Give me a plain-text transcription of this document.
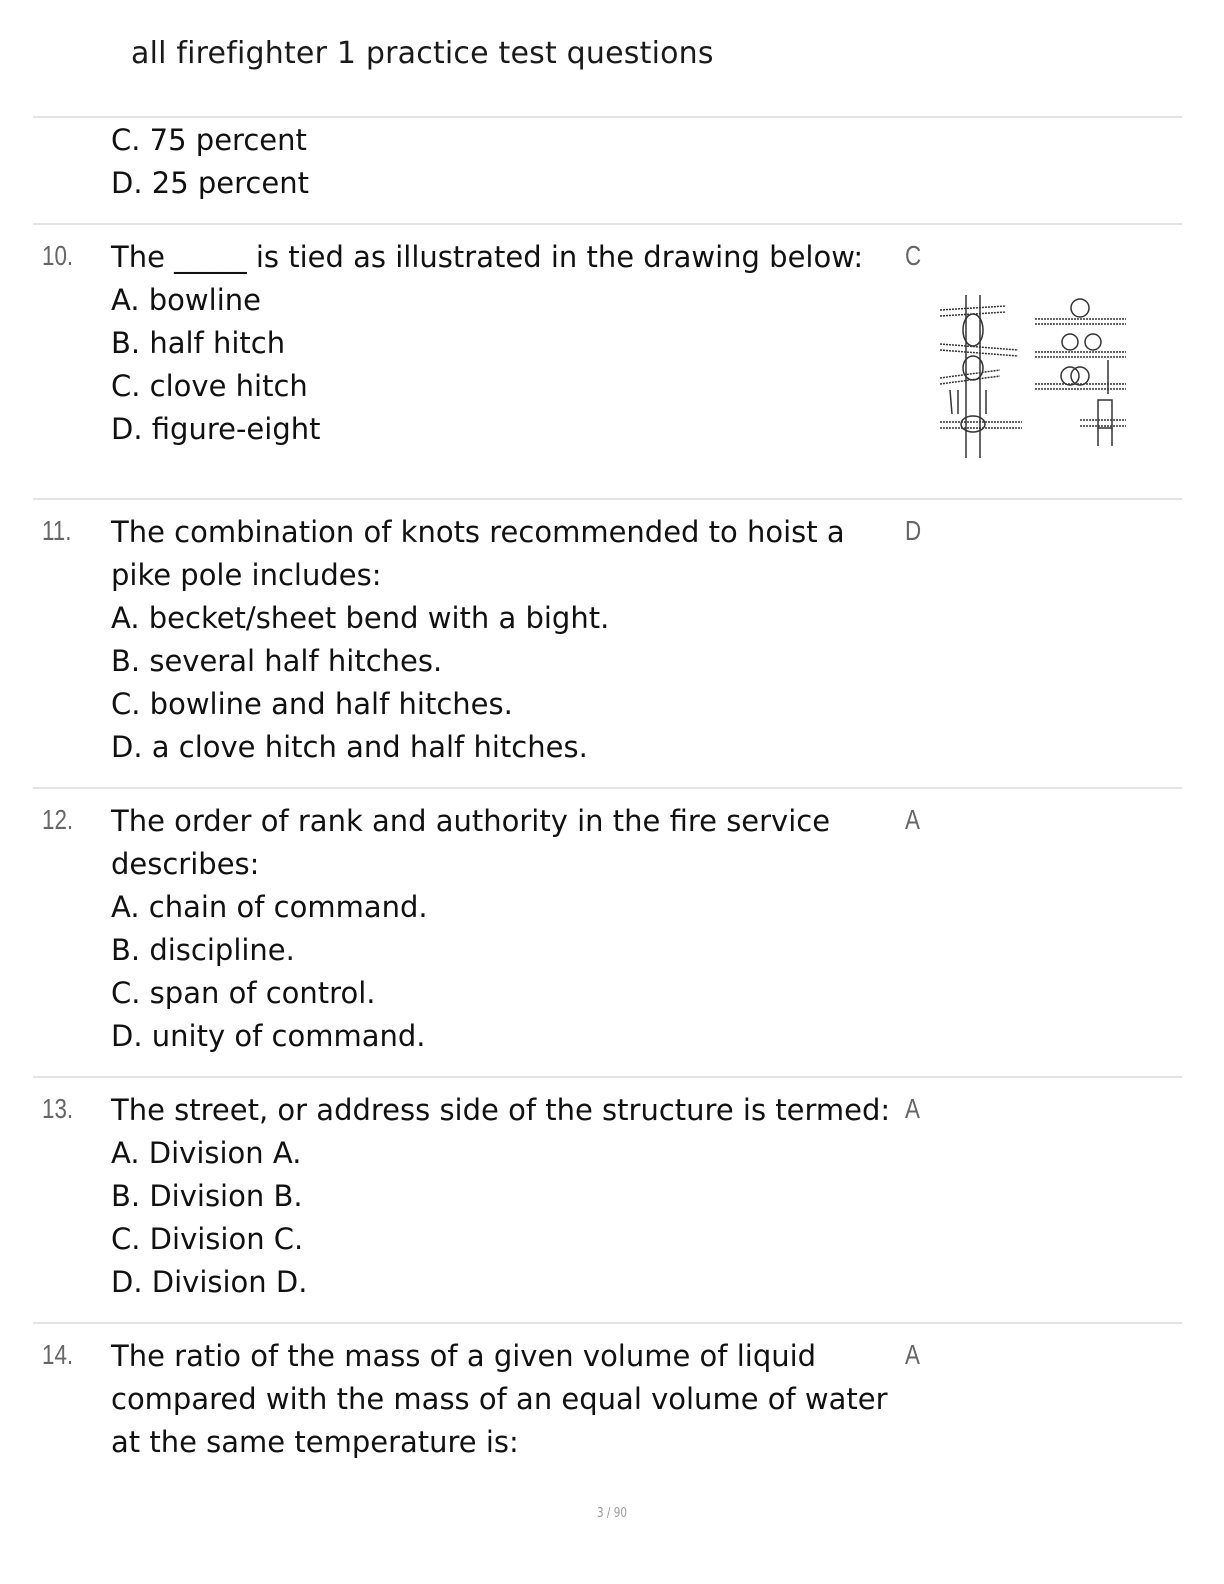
all firefighter 1 practice test questions

C. 75 percent

D. 25 percent

10. The _____ is tied as illustrated in the drawing below:

A. bowline

B. half hitch

C. clove hitch

D. figure-eight

C
11. The combination of knots recommended to hoist a

pike pole includes:

A. becket/sheet bend with a bight.

B. several half hitches.

C. bowline and half hitches.

D. a clove hitch and half hitches.

D
12. The order of rank and authority in the fire service

describes:

A. chain of command.

B. discipline.

C. span of control.

D. unity of command.

A
13. The street, or address side of the structure is termed:

A. Division A.

B. Division B.

C. Division C.

D. Division D.

A
14. The ratio of the mass of a given volume of liquid

compared with the mass of an equal volume of water

at the same temperature is:

A
3 / 90
